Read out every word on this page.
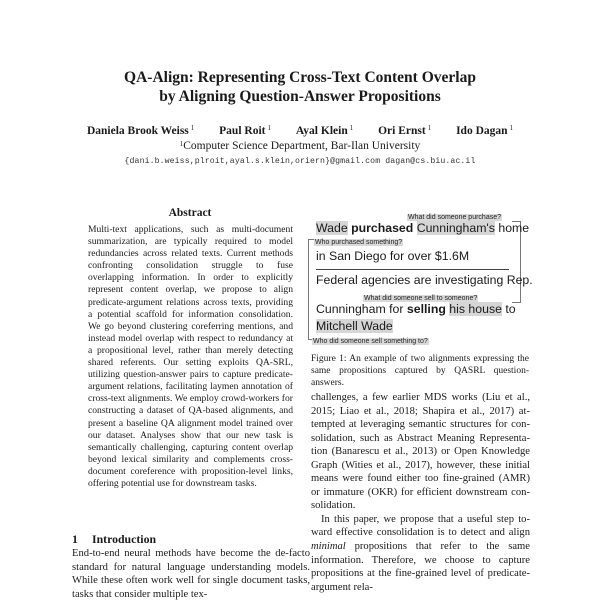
QA-Align: Representing Cross-Text Content Overlap
by Aligning Question-Answer Propositions
Daniela Brook Weiss $^1$ Paul Roit $^1$ Ayal Klein $^1$ Ori Ernst $^1$ Ido Dagan $^1$
$^1$Computer Science Department, Bar-Ilan University
{dani.b.weiss,plroit,ayal.s.klein,oriern}@gmail.com dagan@cs.biu.ac.il
Abstract
Multi-text applications, such as multi-document summarization, are typically required to model redundancies across related texts. Current methods confronting consolidation struggle to fuse overlapping information. In order to explicitly represent content overlap, we propose to align predicate-argument relations across texts, providing a potential scaffold for information consolidation. We go beyond clustering coreferring mentions, and instead model overlap with respect to redundancy at a propositional level, rather than merely detecting shared referents. Our setting exploits QA-SRL, utilizing question-answer pairs to capture predicate-argument relations, facilitating laymen annotation of cross-text alignments. We employ crowd-workers for constructing a dataset of QA-based alignments, and present a baseline QA alignment model trained over our dataset. Analyses show that our new task is semantically challenging, capturing content overlap beyond lexical similarity and complements cross-document coreference with proposition-level links, offering potential use for downstream tasks.
1 Introduction
End-to-end neural methods have become the de-facto standard for natural language understanding models. While these often work well for single document tasks, tasks that consider multiple tex-
What did someone purchase?
Wade purchased Cunningham's home
Who purchased something?
in San Diego for over $1.6M
Federal agencies are investigating Rep.
What did someone sell to someone?
Cunningham for selling his house to
Mitchell Wade
Who did someone sell something to?
Figure 1: An example of two alignments expressing the same propositions captured by QASRL question-answers.

challenges, a few earlier MDS works (Liu et al., 2015; Liao et al., 2018; Shapira et al., 2017) attempted at leveraging semantic structures for consolidation, such as Abstract Meaning Representation (Banarescu et al., 2013) or Open Knowledge Graph (Wities et al., 2017), however, these initial means were found either too fine-grained (AMR) or immature (OKR) for efficient downstream consolidation.

In this paper, we propose that a useful step toward effective consolidation is to detect and align minimal propositions that refer to the same information. Therefore, we choose to capture propositions at the fine-grained level of predicate-argument rela-
